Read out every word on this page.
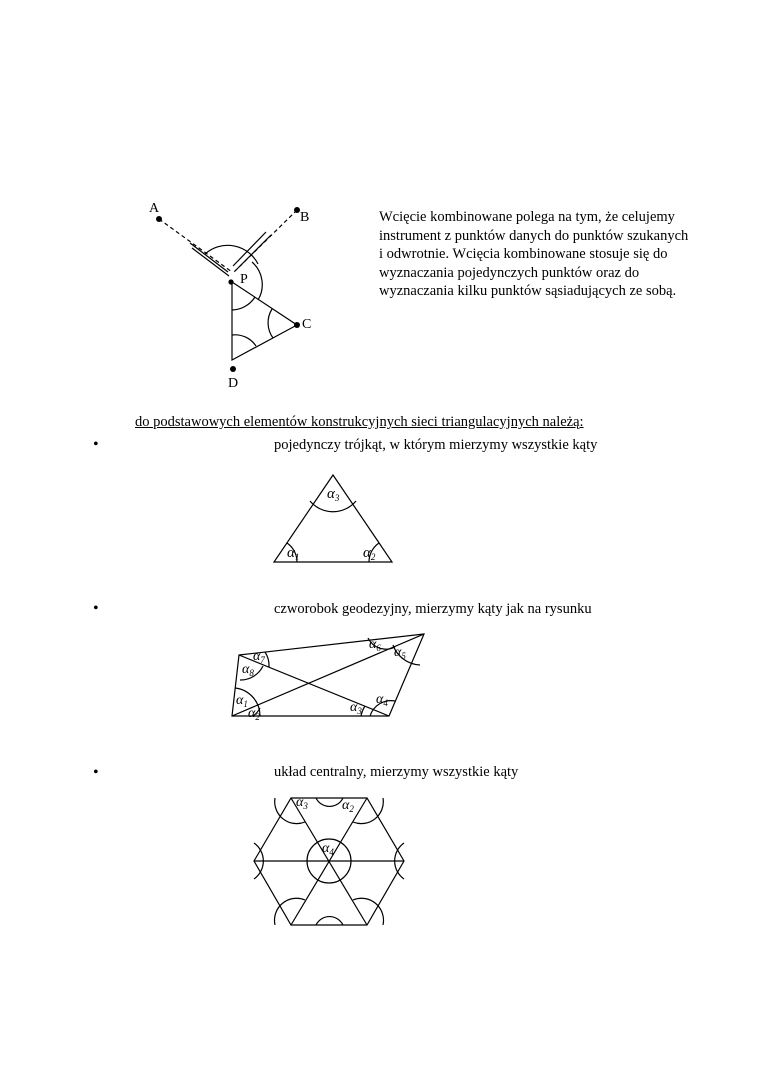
A
B
P
C
D
Wcięcie kombinowane polega na tym, że celujemy
instrument z punktów danych do punktów szukanych
i odwrotnie. Wcięcia kombinowane stosuje się do
wyznaczania pojedynczych punktów oraz do
wyznaczania kilku punktów sąsiadujących ze sobą.
do podstawowych elementów konstrukcyjnych sieci triangulacyjnych należą:
•	pojedynczy trójkąt, w którym mierzymy wszystkie kąty
$\alpha_1$	$\alpha_2$
$\alpha_3$
•	czworobok geodezyjny, mierzymy kąty jak na rysunku
$\alpha_1$
$\alpha_2$
$\alpha_3$
$\alpha_4$
$\alpha_5$
$\alpha_6$
$\alpha_7$
$\alpha_8$
•	układ centralny, mierzymy wszystkie kąty
$\alpha_2$
$\alpha_3$
$\alpha_4$
